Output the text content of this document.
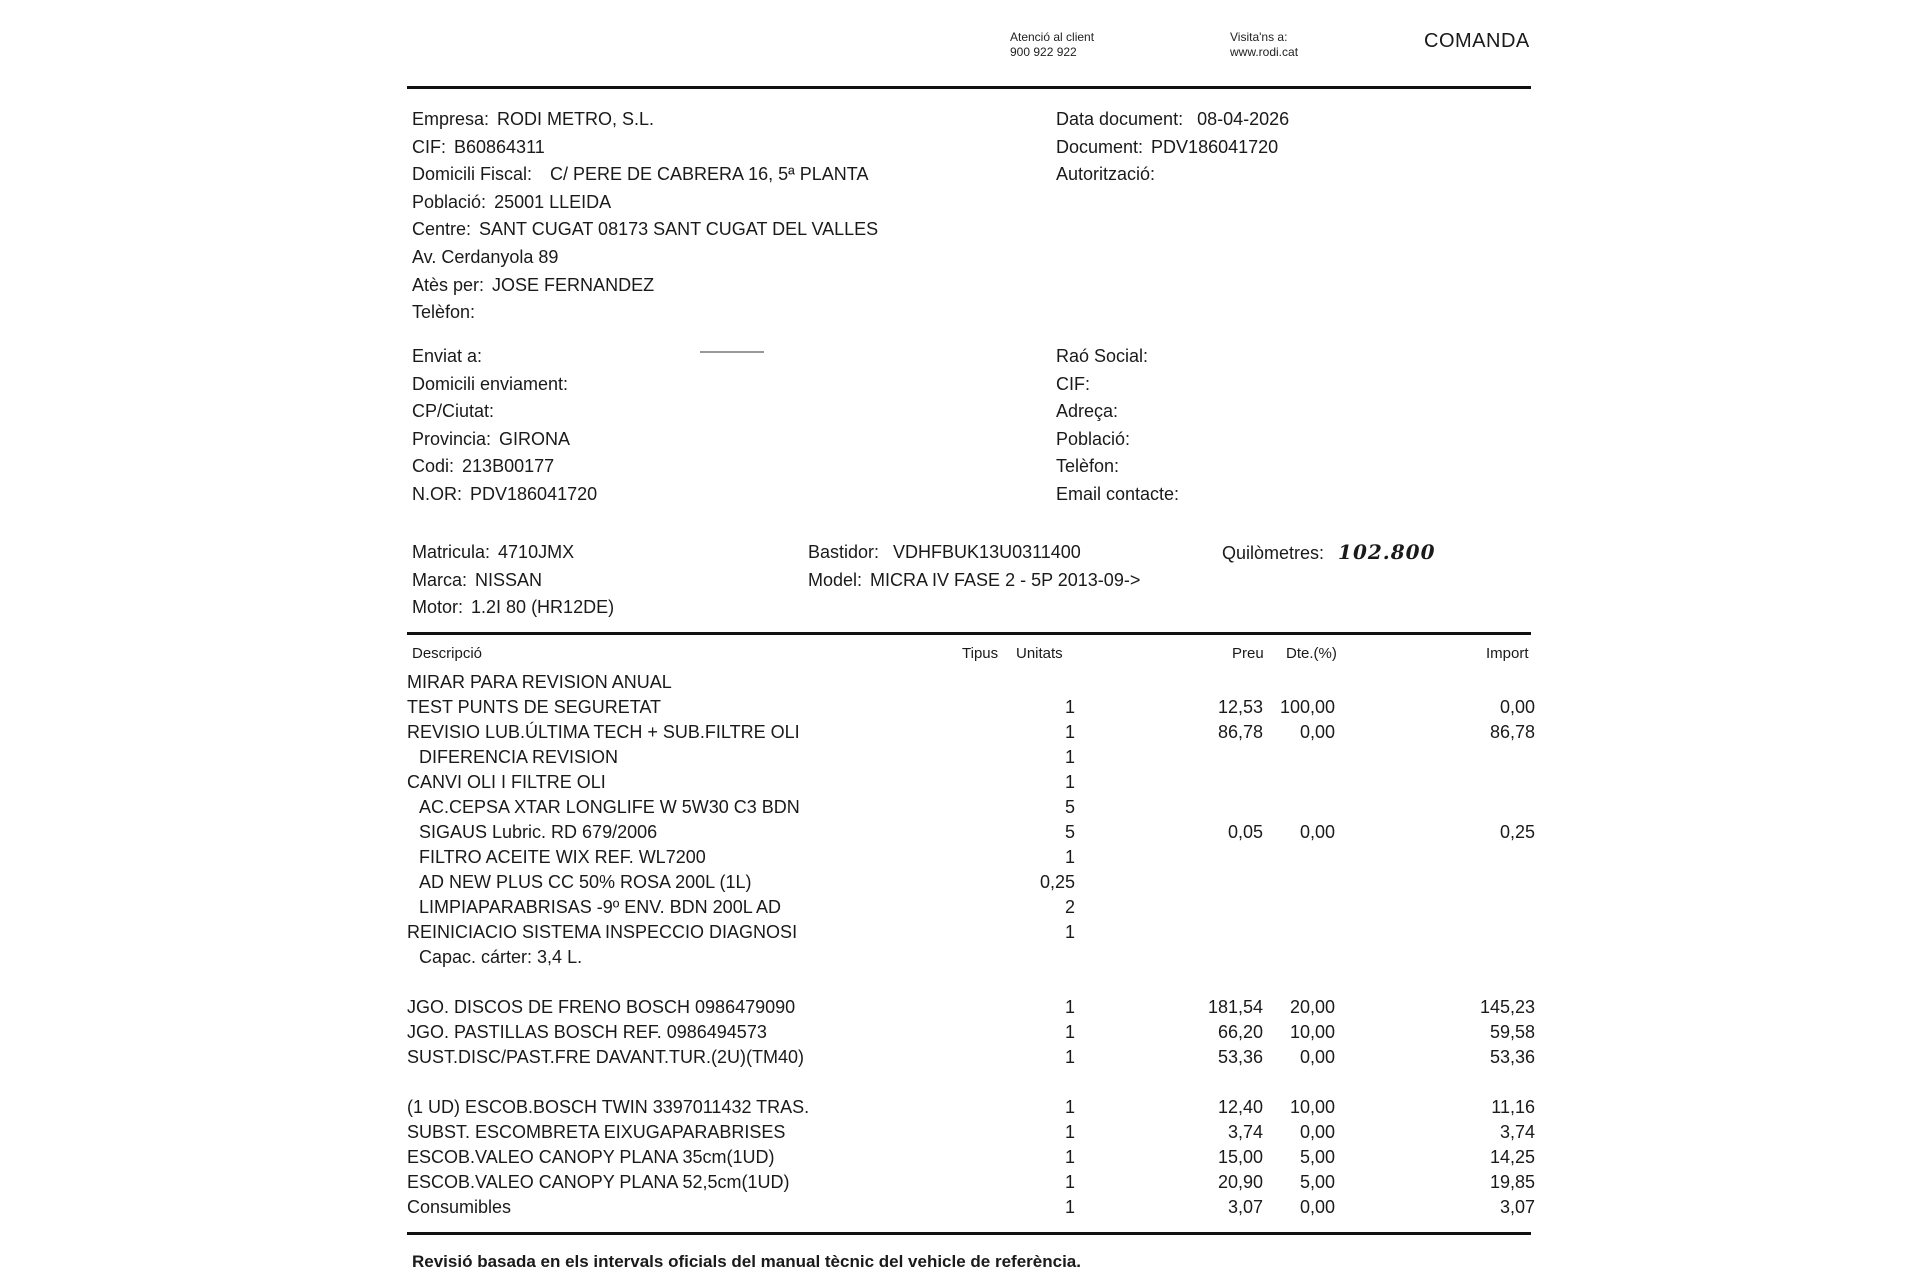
Atenció al client
900 922 922
Visita'ns a:
www.rodi.cat	COMANDA
Empresa: RODI METRO, S.L.
CIF: B60864311
Domicili Fiscal: C/ PERE DE CABRERA 16, 5ª PLANTA
Població: 25001 LLEIDA
Centre: SANT CUGAT 08173 SANT CUGAT DEL VALLES
Av. Cerdanyola 89
Atès per: JOSE FERNANDEZ
Telèfon:
Data document: 08-04-2026
Document: PDV186041720
Autorització:
Enviat a:
Domicili enviament:
CP/Ciutat:
Provincia: GIRONA
Codi: 213B00177
N.OR: PDV186041720
Raó Social:
CIF:
Adreça:
Població:
Telèfon:
Email contacte:
Matricula: 4710JMX
Marca: NISSAN
Motor: 1.2I 80 (HR12DE)
Bastidor: VDHFBUK13U0311400
Model: MICRA IV FASE 2 - 5P 2013-09->
Quilòmetres: 102.800
Descripció	Tipus Unitats	Preu Dte.(%)	Import
MIRAR PARA REVISION ANUAL
TEST PUNTS DE SEGURETAT	1	12,53 100,00	0,00
REVISIO LUB.ÚLTIMA TECH + SUB.FILTRE OLI	1	86,78 0,00	86,78
DIFERENCIA REVISION	1
CANVI OLI I FILTRE OLI	1
AC.CEPSA XTAR LONGLIFE W 5W30 C3 BDN	5
SIGAUS Lubric. RD 679/2006	5	0,05 0,00	0,25
FILTRO ACEITE WIX REF. WL7200	1
AD NEW PLUS CC 50% ROSA 200L (1L)	0,25
LIMPIAPARABRISAS -9º ENV. BDN 200L AD	2
REINICIACIO SISTEMA INSPECCIO DIAGNOSI	1
Capac. cárter: 3,4 L.
JGO. DISCOS DE FRENO BOSCH 0986479090	1	181,54 20,00	145,23
JGO. PASTILLAS BOSCH REF. 0986494573	1	66,20 10,00	59,58
SUST.DISC/PAST.FRE DAVANT.TUR.(2U)(TM40)	1	53,36 0,00	53,36
(1 UD) ESCOB.BOSCH TWIN 3397011432 TRAS.	1	12,40 10,00	11,16
SUBST. ESCOMBRETA EIXUGAPARABRISES	1	3,74 0,00	3,74
ESCOB.VALEO CANOPY PLANA 35cm(1UD)	1	15,00 5,00	14,25
ESCOB.VALEO CANOPY PLANA 52,5cm(1UD)	1	20,90 5,00	19,85
Consumibles	1	3,07 0,00	3,07
Revisió basada en els intervals oficials del manual tècnic del vehicle de referència.
